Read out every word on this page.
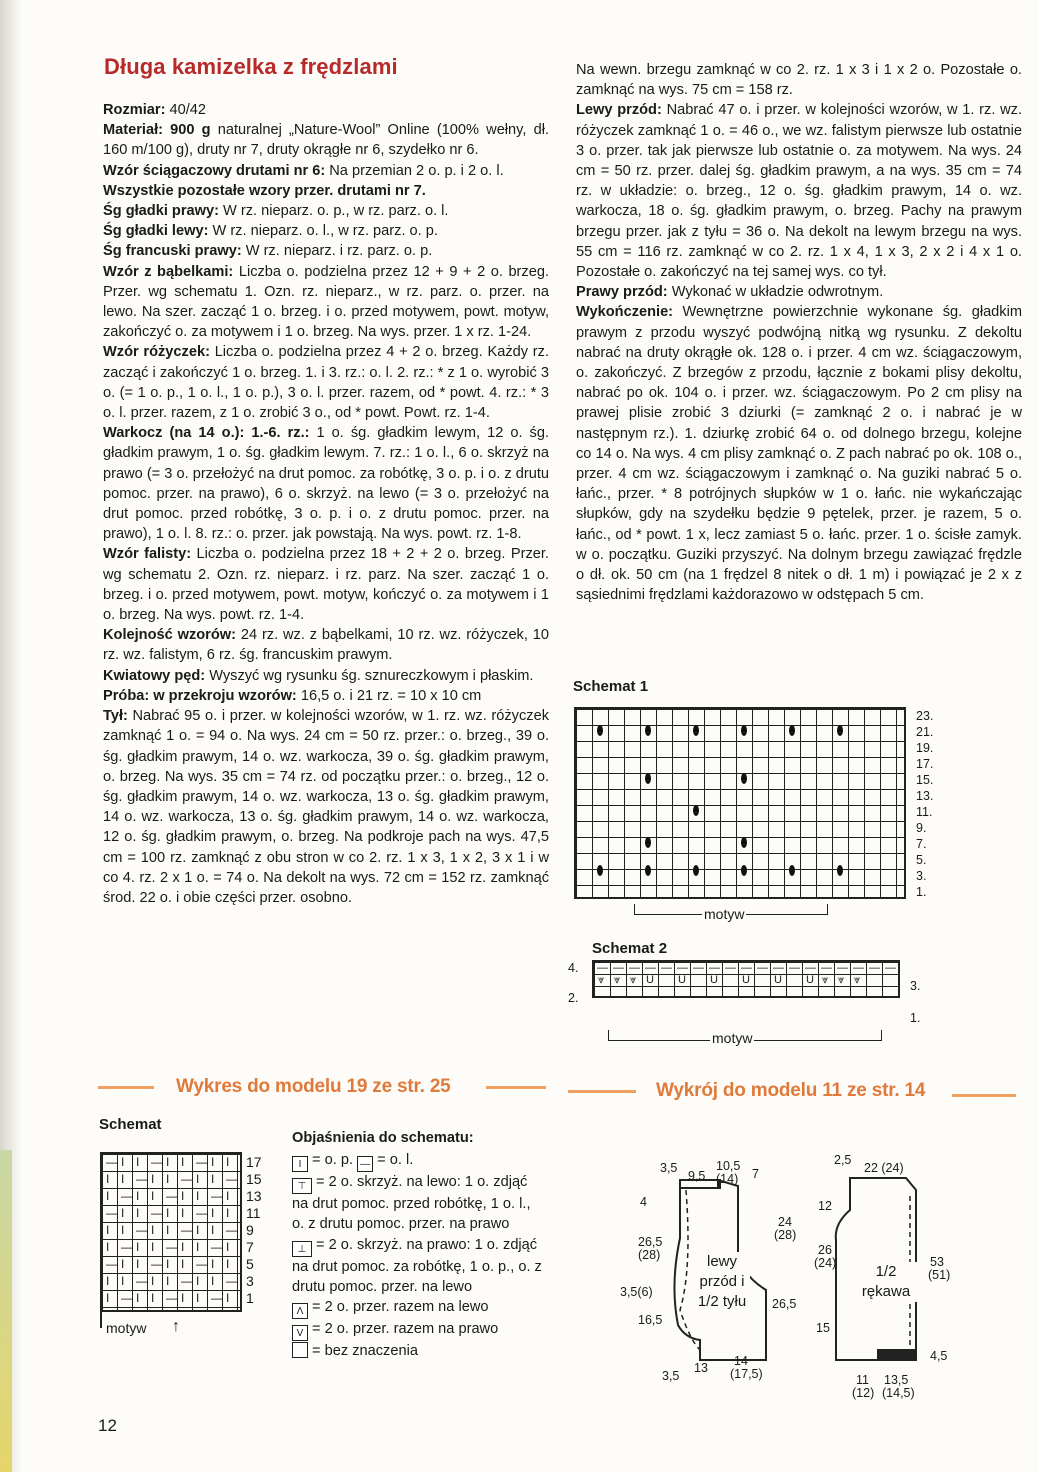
Długa kamizelka z frędzlami

Rozmiar: 40/42

Materiał: 900 g naturalnej „Nature-Wool” Online (100% wełny, dł. 160 m/100 g), druty nr 7, druty okrągłe nr 6, szydełko nr 6.

Wzór ściągaczowy drutami nr 6: Na przemian 2 o. p. i 2 o. l.

Wszystkie pozostałe wzory przer. drutami nr 7.

Śg gładki prawy: W rz. nieparz. o. p., w rz. parz. o. l.

Śg gładki lewy: W rz. nieparz. o. l., w rz. parz. o. p.

Śg francuski prawy: W rz. nieparz. i rz. parz. o. p.

Wzór z bąbelkami: Liczba o. podzielna przez 12 + 9 + 2 o. brzeg. Przer. wg schematu 1. Ozn. rz. nieparz., w rz. parz. o. przer. na lewo. Na szer. zacząć 1 o. brzeg. i o. przed motywem, powt. motyw, zakończyć o. za motywem i 1 o. brzeg. Na wys. przer. 1 x rz. 1-24.

Wzór różyczek: Liczba o. podzielna przez 4 + 2 o. brzeg. Każdy rz. zacząć i zakończyć 1 o. brzeg. 1. i 3. rz.: o. l. 2. rz.: * z 1 o. wyrobić 3 o. (= 1 o. p., 1 o. l., 1 o. p.), 3 o. l. przer. razem, od * powt. 4. rz.: * 3 o. l. przer. razem, z 1 o. zrobić 3 o., od * powt. Powt. rz. 1-4.

Warkocz (na 14 o.): 1.-6. rz.: 1 o. śg. gładkim lewym, 12 o. śg. gładkim prawym, 1 o. śg. gładkim lewym. 7. rz.: 1 o. l., 6 o. skrzyż na prawo (= 3 o. przełożyć na drut pomoc. za robótkę, 3 o. p. i o. z drutu pomoc. przer. na prawo), 6 o. skrzyż. na lewo (= 3 o. przełożyć na drut pomoc. przed robótkę, 3 o. p. i o. z drutu pomoc. przer. na prawo), 1 o. l. 8. rz.: o. przer. jak powstają. Na wys. powt. rz. 1-8.

Wzór falisty: Liczba o. podzielna przez 18 + 2 + 2 o. brzeg. Przer. wg schematu 2. Ozn. rz. nieparz. i rz. parz. Na szer. zacząć 1 o. brzeg. i o. przed motywem, powt. motyw, kończyć o. za motywem i 1 o. brzeg. Na wys. powt. rz. 1-4.

Kolejność wzorów: 24 rz. wz. z bąbelkami, 10 rz. wz. różyczek, 10 rz. wz. falistym, 6 rz. śg. francuskim prawym.

Kwiatowy pęd: Wyszyć wg rysunku śg. sznureczkowym i płaskim.

Próba: w przekroju wzorów: 16,5 o. i 21 rz. = 10 x 10 cm

Tył: Nabrać 95 o. i przer. w kolejności wzorów, w 1. rz. wz. różyczek zamknąć 1 o. = 94 o. Na wys. 24 cm = 50 rz. przer.: o. brzeg., 39 o. śg. gładkim prawym, 14 o. wz. warkocza, 39 o. śg. gładkim prawym, o. brzeg. Na wys. 35 cm = 74 rz. od początku przer.: o. brzeg., 12 o. śg. gładkim prawym, 14 o. wz. warkocza, 13 o. śg. gładkim prawym, 14 o. wz. warkocza, 13 o. śg. gładkim prawym, 14 o. wz. warkocza, 12 o. śg. gładkim prawym, o. brzeg. Na podkroje pach na wys. 47,5 cm = 100 rz. zamknąć z obu stron w co 2. rz. 1 x 3, 1 x 2, 3 x 1 i w co 4. rz. 2 x 1 o. = 74 o. Na dekolt na wys. 72 cm = 152 rz. zamknąć środ. 22 o. i obie części przer. osobno.

Na wewn. brzegu zamknąć w co 2. rz. 1 x 3 i 1 x 2 o. Pozostałe o. zamknąć na wys. 75 cm = 158 rz.

Lewy przód: Nabrać 47 o. i przer. w kolejności wzorów, w 1. rz. wz. różyczek zamknąć 1 o. = 46 o., we wz. falistym pierwsze lub ostatnie 3 o. przer. tak jak pierwsze lub ostatnie o. za motywem. Na wys. 24 cm = 50 rz. przer. dalej śg. gładkim prawym, a na wys. 35 cm = 74 rz. w układzie: o. brzeg., 12 o. śg. gładkim prawym, 14 o. wz. warkocza, 18 o. śg. gładkim prawym, o. brzeg. Pachy na prawym brzegu przer. jak z tyłu = 36 o. Na dekolt na lewym brzegu na wys. 55 cm = 116 rz. zamknąć w co 2. rz. 1 x 4, 1 x 3, 2 x 2 i 4 x 1 o. Pozostałe o. zakończyć na tej samej wys. co tył.

Prawy przód: Wykonać w układzie odwrotnym.

Wykończenie: Wewnętrzne powierzchnie wykonane śg. gładkim prawym z przodu wyszyć podwójną nitką wg rysunku. Z dekoltu nabrać na druty okrągłe ok. 128 o. i przer. 4 cm wz. ściągaczowym, o. zakończyć. Z brzegów z przodu, łącznie z bokami plisy dekoltu, nabrać po ok. 104 o. i przer. wz. ściągaczowym. Po 2 cm plisy na prawej plisie zrobić 3 dziurki (= zamknąć 2 o. i nabrać je w następnym rz.). 1. dziurkę zrobić 64 o. od dolnego brzegu, kolejne co 14 o. Na wys. 4 cm plisy zamknąć o. Z pach nabrać po ok. 108 o., przer. 4 cm wz. ściągaczowym i zamknąć o. Na guziki nabrać 5 o. łańc., przer. * 8 potrójnych słupków w 1 o. łańc. nie wykańczając słupków, gdy na szydełku będzie 9 pętelek, przer. je razem, 5 o. łańc., od * powt. 1 x, lecz zamiast 5 o. łańc. przer. 1 o. ścisłe zamyk. w o. początku. Guziki przyszyć. Na dolnym brzegu zawiązać frędzle o dł. ok. 50 cm (na 1 frędzel 8 nitek o dł. 1 m) i powiązać je 2 x z sąsiednimi frędzlami każdorazowo w odstępach 5 cm.

Schemat 1
23.
21.
19.
17.
15.
13.
11.
9.
7.
5.
3.
1.
motyw
Schemat 2
— — — — — — — — — — — — — — — — — — —
⩔ ⩔ ⩔ U U U U U U ⩔ ⩔ ⩔
4.
2.
3.
1.
motyw
Wykres do modelu 19 ze str. 25	Wykrój do modelu 11 ze str. 14
Schemat
— I I — I I — I I
I I — I I — I I —
I — I I — I I — I
— I I — I I — I I
I I — I I — I I —
I — I I — I I — I
— I I — I I — I I
I I — I I — I I —
I — I I — I I — I
17
15
13
11
9
7
5
3
1
motyw ↑

Objaśnienia do schematu:

I = o. p. — = o. l.

⊤ = 2 o. skrzyż. na lewo: 1 o. zdjąć na drut pomoc. przed robótkę, 1 o. l., o. z drutu pomoc. przer. na prawo

⊥ = 2 o. skrzyż. na prawo: 1 o. zdjąć na drut pomoc. za robótkę, 1 o. p., o. z drutu pomoc. przer. na lewo

Λ = 2 o. przer. razem na lewo

V = 2 o. przer. razem na prawo

= bez znaczenia

3,5
9,5
10,5
(14) 7
4
26,5
(28)
3,5(6)
16,5
24
(28)
26,5
3,5
13 14
(17,5)
2,5
22 (24)
12
26
(24)	53
(51)
15
4,5
11
(12)
13,5
(14,5)
lewy przód i 1/2 tyłu
1/2 rękawa
12
